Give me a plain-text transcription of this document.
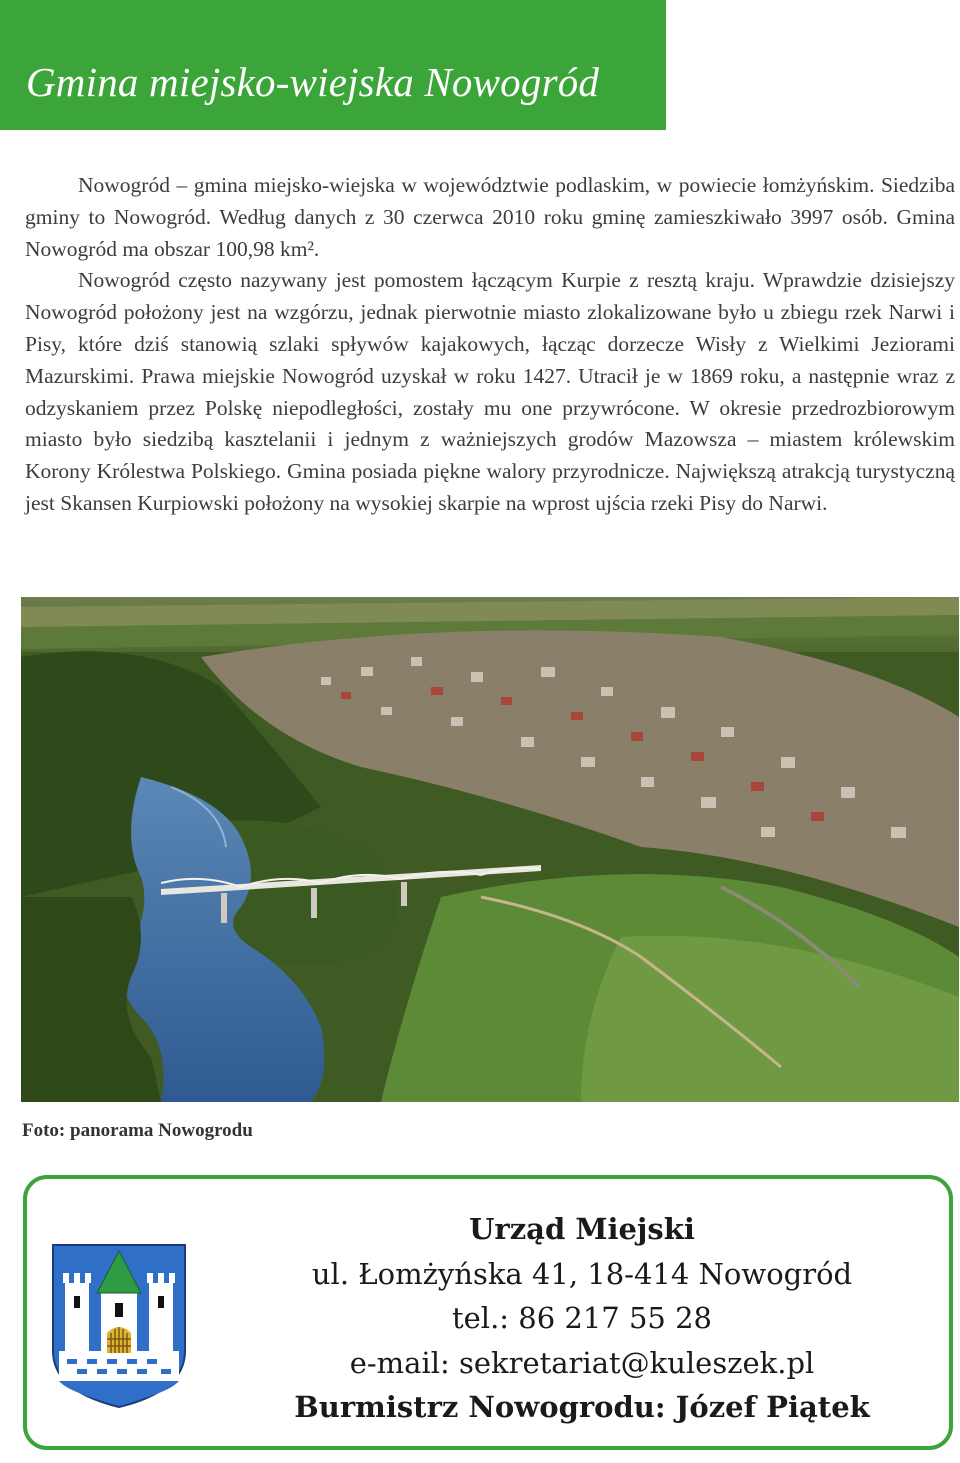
Gmina miejsko-wiejska Nowogród

Nowogród – gmina miejsko-wiejska w województwie podlaskim, w powiecie łomżyńskim. Siedziba gminy to Nowogród. Według danych z 30 czerwca 2010 roku gminę zamieszkiwało 3997 osób. Gmina Nowogród ma obszar 100,98 km².

Nowogród często nazywany jest pomostem łączącym Kurpie z resztą kraju. Wprawdzie dzisiejszy Nowogród położony jest na wzgórzu, jednak pierwotnie miasto zlokalizowane było u zbiegu rzek Narwi i Pisy, które dziś stanowią szlaki spływów kajakowych, łącząc dorzecze Wisły z Wielkimi Jeziorami Mazurskimi. Prawa miejskie Nowogród uzyskał w roku 1427. Utracił je w 1869 roku, a następnie wraz z odzyskaniem przez Polskę niepodległości, zostały mu one przywrócone. W okresie przedrozbiorowym miasto było siedzibą kasztelanii i jednym z ważniejszych grodów Mazowsza – miastem królewskim Korony Królestwa Polskiego. Gmina posiada piękne walory przyrodnicze. Największą atrakcją turystyczną jest Skansen Kurpiowski położony na wysokiej skarpie na wprost ujścia rzeki Pisy do Narwi.

Foto: panorama Nowogrodu
Urząd Miejski
ul. Łomżyńska 41, 18-414 Nowogród
tel.: 86 217 55 28
e-mail: sekretariat@kuleszek.pl
Burmistrz Nowogrodu: Józef Piątek
